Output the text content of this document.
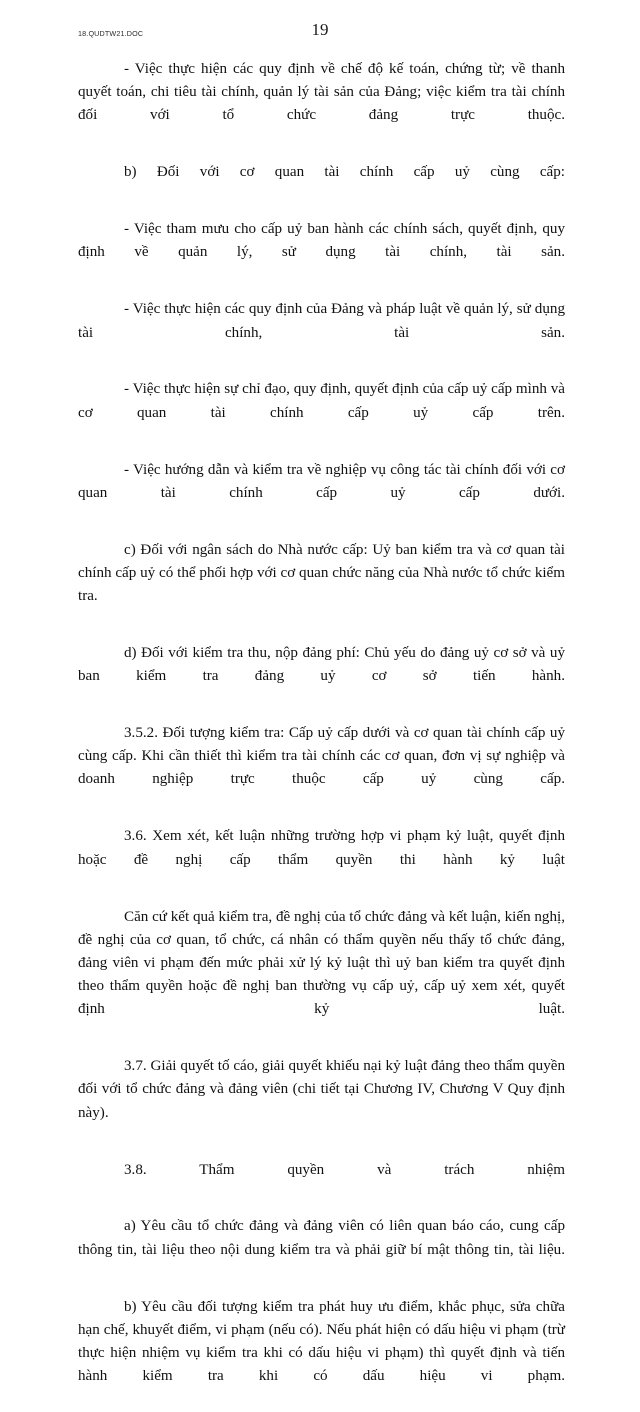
18.QUDTW21.DOC	19

- Việc thực hiện các quy định về chế độ kế toán, chứng từ; về thanh quyết toán, chi tiêu tài chính, quản lý tài sản của Đảng; việc kiểm tra tài chính đối với tổ chức đảng trực thuộc.

b) Đối với cơ quan tài chính cấp uỷ cùng cấp:

- Việc tham mưu cho cấp uỷ ban hành các chính sách, quyết định, quy định về quản lý, sử dụng tài chính, tài sản.

- Việc thực hiện các quy định của Đảng và pháp luật về quản lý, sử dụng tài chính, tài sản.

- Việc thực hiện sự chỉ đạo, quy định, quyết định của cấp uỷ cấp mình và cơ quan tài chính cấp uỷ cấp trên.

- Việc hướng dẫn và kiểm tra về nghiệp vụ công tác tài chính đối với cơ quan tài chính cấp uỷ cấp dưới.

c) Đối với ngân sách do Nhà nước cấp: Uỷ ban kiểm tra và cơ quan tài chính cấp uỷ có thể phối hợp với cơ quan chức năng của Nhà nước tổ chức kiểm tra.

d) Đối với kiểm tra thu, nộp đảng phí: Chủ yếu do đảng uỷ cơ sở và uỷ ban kiểm tra đảng uỷ cơ sở tiến hành.

3.5.2. Đối tượng kiểm tra: Cấp uỷ cấp dưới và cơ quan tài chính cấp uỷ cùng cấp. Khi cần thiết thì kiểm tra tài chính các cơ quan, đơn vị sự nghiệp và doanh nghiệp trực thuộc cấp uỷ cùng cấp.

3.6. Xem xét, kết luận những trường hợp vi phạm kỷ luật, quyết định hoặc đề nghị cấp thẩm quyền thi hành kỷ luật

Căn cứ kết quả kiểm tra, đề nghị của tổ chức đảng và kết luận, kiến nghị, đề nghị của cơ quan, tổ chức, cá nhân có thẩm quyền nếu thấy tổ chức đảng, đảng viên vi phạm đến mức phải xử lý kỷ luật thì uỷ ban kiểm tra quyết định theo thẩm quyền hoặc đề nghị ban thường vụ cấp uỷ, cấp uỷ xem xét, quyết định kỷ luật.

3.7. Giải quyết tố cáo, giải quyết khiếu nại kỷ luật đảng theo thẩm quyền đối với tổ chức đảng và đảng viên (chi tiết tại Chương IV, Chương V Quy định này).

3.8. Thẩm quyền và trách nhiệm

a) Yêu cầu tổ chức đảng và đảng viên có liên quan báo cáo, cung cấp thông tin, tài liệu theo nội dung kiểm tra và phải giữ bí mật thông tin, tài liệu.

b) Yêu cầu đối tượng kiểm tra phát huy ưu điểm, khắc phục, sửa chữa hạn chế, khuyết điểm, vi phạm (nếu có). Nếu phát hiện có dấu hiệu vi phạm (trừ thực hiện nhiệm vụ kiểm tra khi có dấu hiệu vi phạm) thì quyết định và tiến hành kiểm tra khi có dấu hiệu vi phạm.
